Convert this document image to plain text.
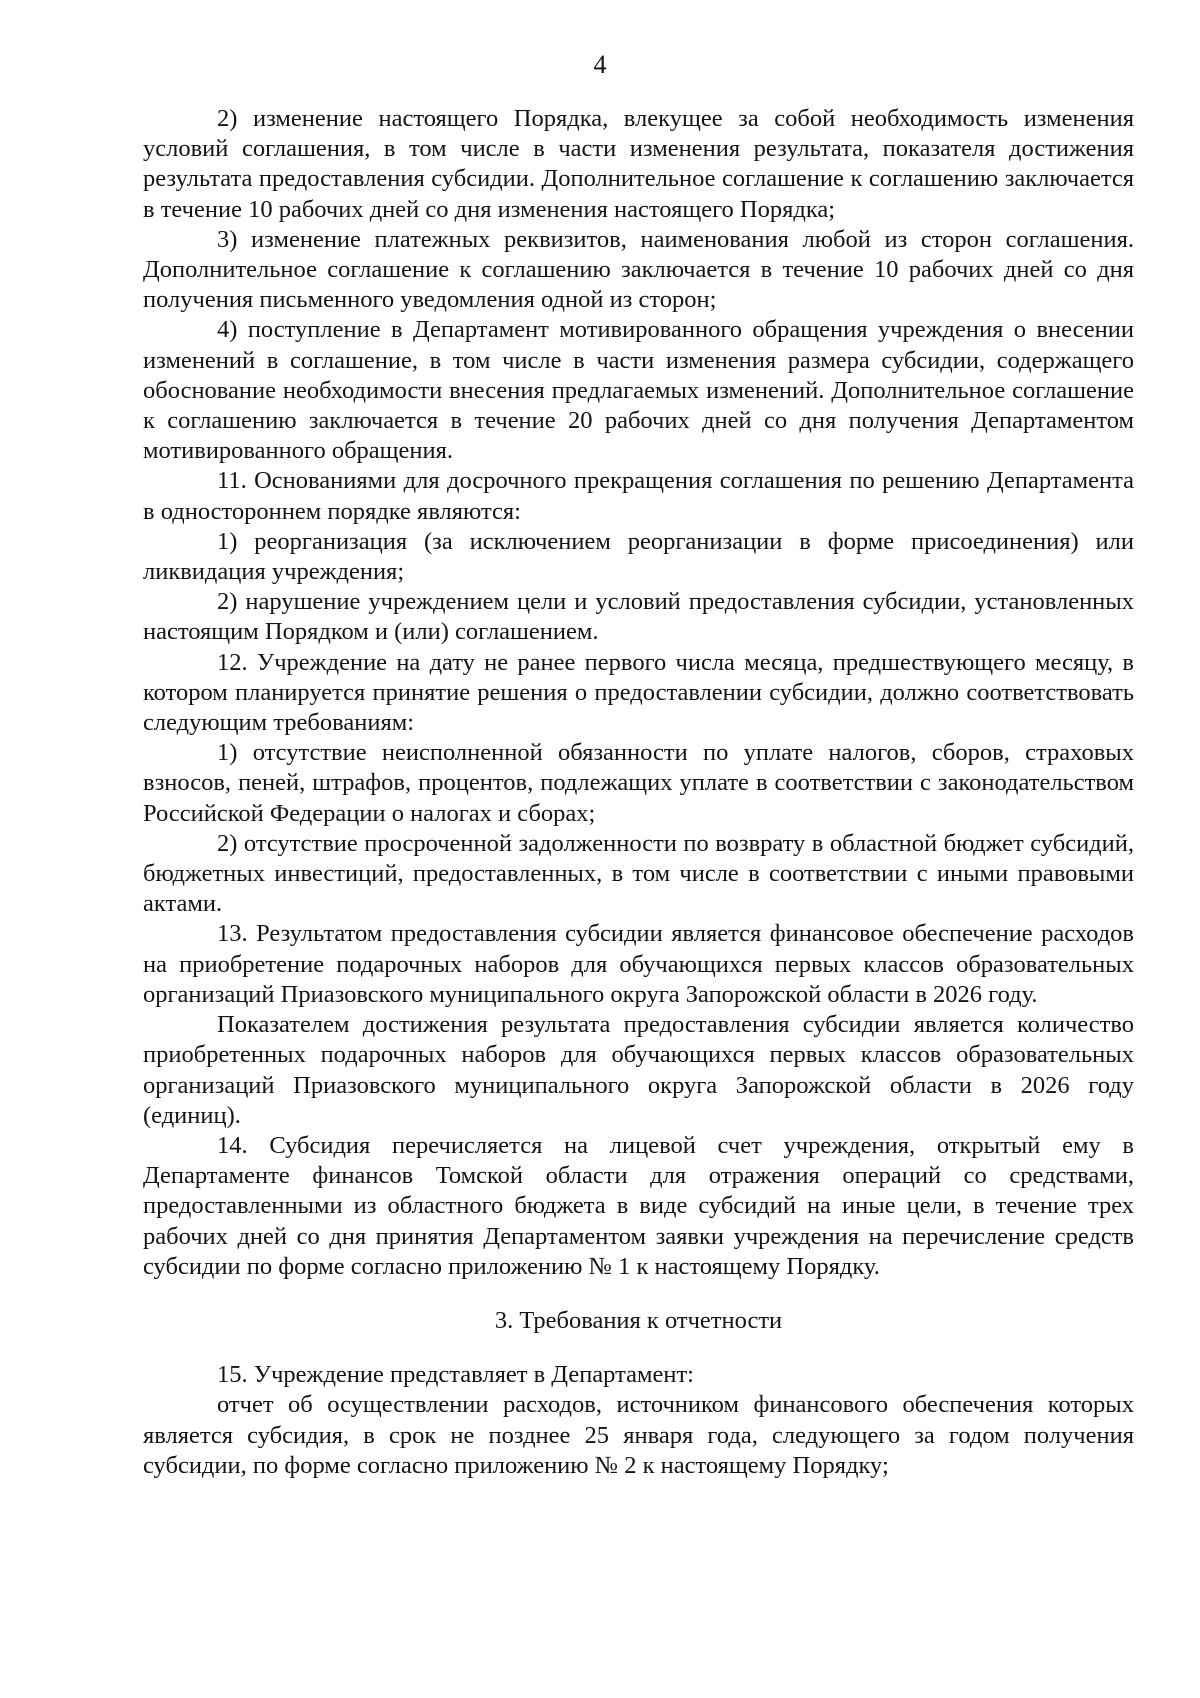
4

2) изменение настоящего Порядка, влекущее за собой необходимость изменения условий соглашения, в том числе в части изменения результата, показателя достижения результата предоставления субсидии. Дополнительное соглашение к соглашению заключается в течение 10 рабочих дней со дня изменения настоящего Порядка;

3) изменение платежных реквизитов, наименования любой из сторон соглашения. Дополнительное соглашение к соглашению заключается в течение 10 рабочих дней со дня получения письменного уведомления одной из сторон;

4) поступление в Департамент мотивированного обращения учреждения о внесении изменений в соглашение, в том числе в части изменения размера субсидии, содержащего обоснование необходимости внесения предлагаемых изменений. Дополнительное соглашение к соглашению заключается в течение 20 рабочих дней со дня получения Департаментом мотивированного обращения.

11. Основаниями для досрочного прекращения соглашения по решению Департамента в одностороннем порядке являются:

1) реорганизация (за исключением реорганизации в форме присоединения) или ликвидация учреждения;

2) нарушение учреждением цели и условий предоставления субсидии, установленных настоящим Порядком и (или) соглашением.

12. Учреждение на дату не ранее первого числа месяца, предшествующего месяцу, в котором планируется принятие решения о предоставлении субсидии, должно соответствовать следующим требованиям:

1) отсутствие неисполненной обязанности по уплате налогов, сборов, страховых взносов, пеней, штрафов, процентов, подлежащих уплате в соответствии с законодательством Российской Федерации о налогах и сборах;

2) отсутствие просроченной задолженности по возврату в областной бюджет субсидий, бюджетных инвестиций, предоставленных, в том числе в соответствии с иными правовыми актами.

13. Результатом предоставления субсидии является финансовое обеспечение расходов на приобретение подарочных наборов для обучающихся первых классов образовательных организаций Приазовского муниципального округа Запорожской области в 2026 году.

Показателем достижения результата предоставления субсидии является количество приобретенных подарочных наборов для обучающихся первых классов образовательных организаций Приазовского муниципального округа Запорожской области в 2026 году (единиц).

14. Субсидия перечисляется на лицевой счет учреждения, открытый ему в Департаменте финансов Томской области для отражения операций со средствами, предоставленными из областного бюджета в виде субсидий на иные цели, в течение трех рабочих дней со дня принятия Департаментом заявки учреждения на перечисление средств субсидии по форме согласно приложению № 1 к настоящему Порядку.

3. Требования к отчетности

15. Учреждение представляет в Департамент:

отчет об осуществлении расходов, источником финансового обеспечения которых является субсидия, в срок не позднее 25 января года, следующего за годом получения субсидии, по форме согласно приложению № 2 к настоящему Порядку;
